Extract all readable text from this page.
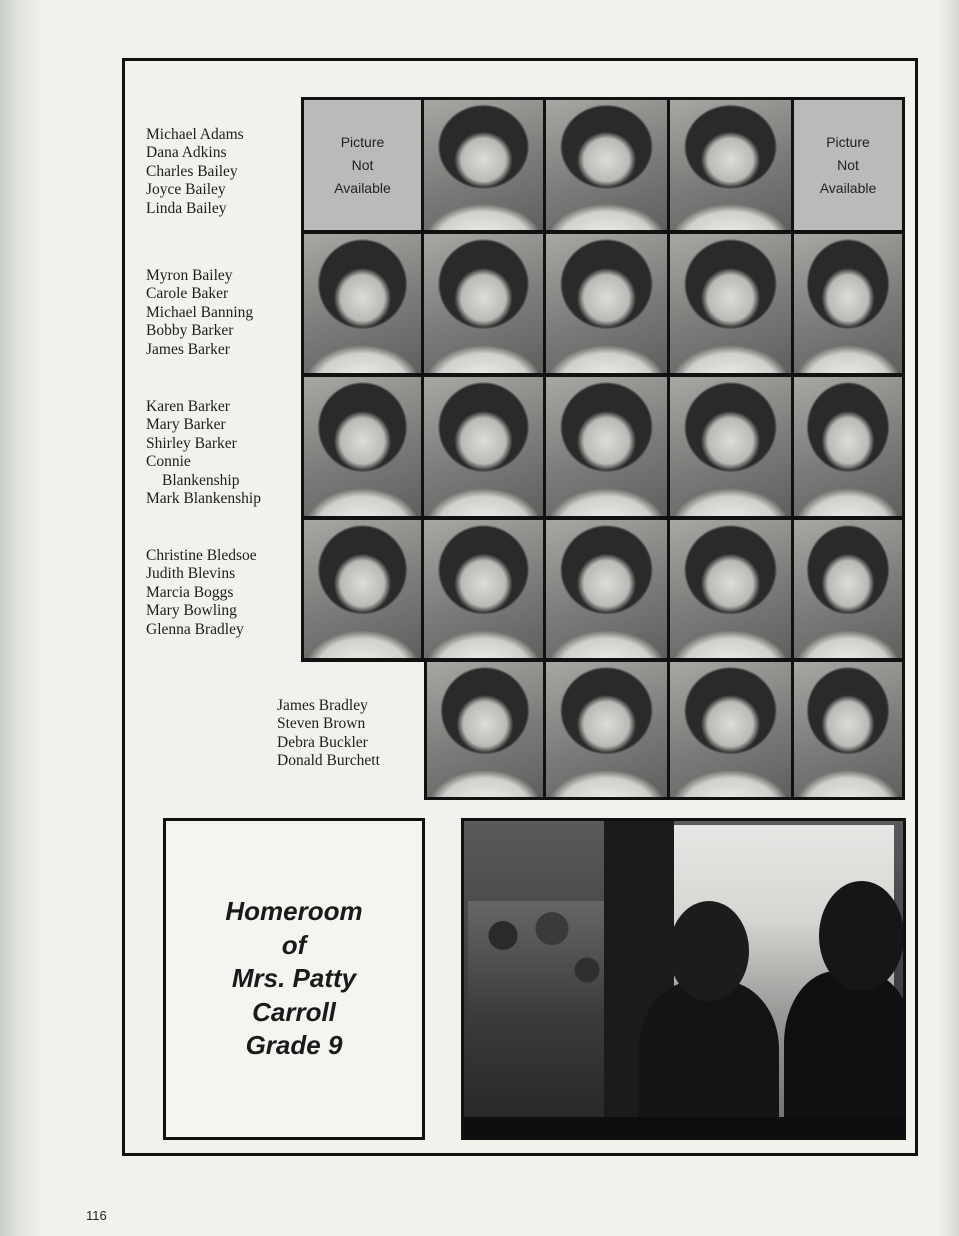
Michael Adams
Dana Adkins
Charles Bailey
Joyce Bailey
Linda Bailey
Myron Bailey
Carole Baker
Michael Banning
Bobby Barker
James Barker
Karen Barker
Mary Barker
Shirley Barker
Connie
Blankenship
Mark Blankenship
Christine Bledsoe
Judith Blevins
Marcia Boggs
Mary Bowling
Glenna Bradley
James Bradley
Steven Brown
Debra Buckler
Donald Burchett
Picture
Not
Available
Picture
Not
Available
Homeroom
of
Mrs. Patty
Carroll
Grade 9
116
